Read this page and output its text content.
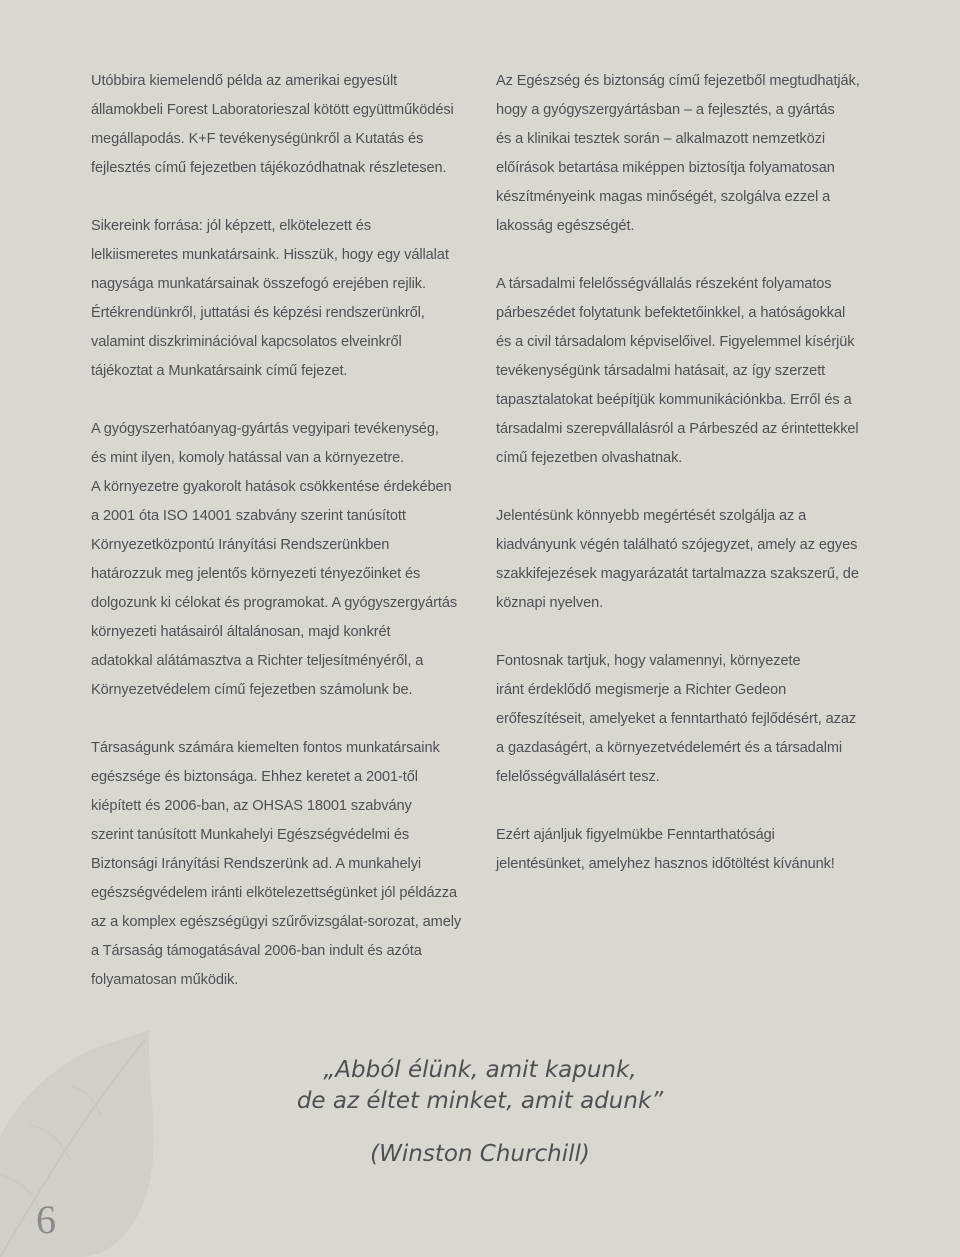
Utóbbira kiemelendő példa az amerikai egyesült
államokbeli Forest Laboratorieszal kötött együttműködési
megállapodás. K+F tevékenységünkről a Kutatás és
fejlesztés című fejezetben tájékozódhatnak részletesen.

Sikereink forrása: jól képzett, elkötelezett és
lelkiismeretes munkatársaink. Hisszük, hogy egy vállalat
nagysága munkatársainak összefogó erejében rejlik.
Értékrendünkről, juttatási és képzési rendszerünkről,
valamint diszkriminációval kapcsolatos elveinkről
tájékoztat a Munkatársaink című fejezet.

A gyógyszerhatóanyag-gyártás vegyipari tevékenység,
és mint ilyen, komoly hatással van a környezetre.
A környezetre gyakorolt hatások csökkentése érdekében
a 2001 óta ISO 14001 szabvány szerint tanúsított
Környezetközpontú Irányítási Rendszerünkben
határozzuk meg jelentős környezeti tényezőinket és
dolgozunk ki célokat és programokat. A gyógyszergyártás
környezeti hatásairól általánosan, majd konkrét
adatokkal alátámasztva a Richter teljesítményéről, a
Környezetvédelem című fejezetben számolunk be.

Társaságunk számára kiemelten fontos munkatársaink
egészsége és biztonsága. Ehhez keretet a 2001-től
kiépített és 2006-ban, az OHSAS 18001 szabvány
szerint tanúsított Munkahelyi Egészségvédelmi és
Biztonsági Irányítási Rendszerünk ad. A munkahelyi
egészségvédelem iránti elkötelezettségünket jól példázza
az a komplex egészségügyi szűrővizsgálat-sorozat, amely
a Társaság támogatásával 2006-ban indult és azóta
folyamatosan működik.

Az Egészség és biztonság című fejezetből megtudhatják,
hogy a gyógyszergyártásban – a fejlesztés, a gyártás
és a klinikai tesztek során – alkalmazott nemzetközi
előírások betartása miképpen biztosítja folyamatosan
készítményeink magas minőségét, szolgálva ezzel a
lakosság egészségét.

A társadalmi felelősségvállalás részeként folyamatos
párbeszédet folytatunk befektetőinkkel, a hatóságokkal
és a civil társadalom képviselőivel. Figyelemmel kísérjük
tevékenységünk társadalmi hatásait, az így szerzett
tapasztalatokat beépítjük kommunikációnkba. Erről és a
társadalmi szerepvállalásról a Párbeszéd az érintettekkel
című fejezetben olvashatnak.

Jelentésünk könnyebb megértését szolgálja az a
kiadványunk végén található szójegyzet, amely az egyes
szakkifejezések magyarázatát tartalmazza szakszerű, de
köznapi nyelven.

Fontosnak tartjuk, hogy valamennyi, környezete
iránt érdeklődő megismerje a Richter Gedeon
erőfeszítéseit, amelyeket a fenntartható fejlődésért, azaz
a gazdaságért, a környezetvédelemért és a társadalmi
felelősségvállalásért tesz.

Ezért ajánljuk figyelmükbe Fenntarthatósági
jelentésünket, amelyhez hasznos időtöltést kívánunk!

„Abból élünk, amit kapunk,
de az éltet minket, amit adunk”
(Winston Churchill)
6
